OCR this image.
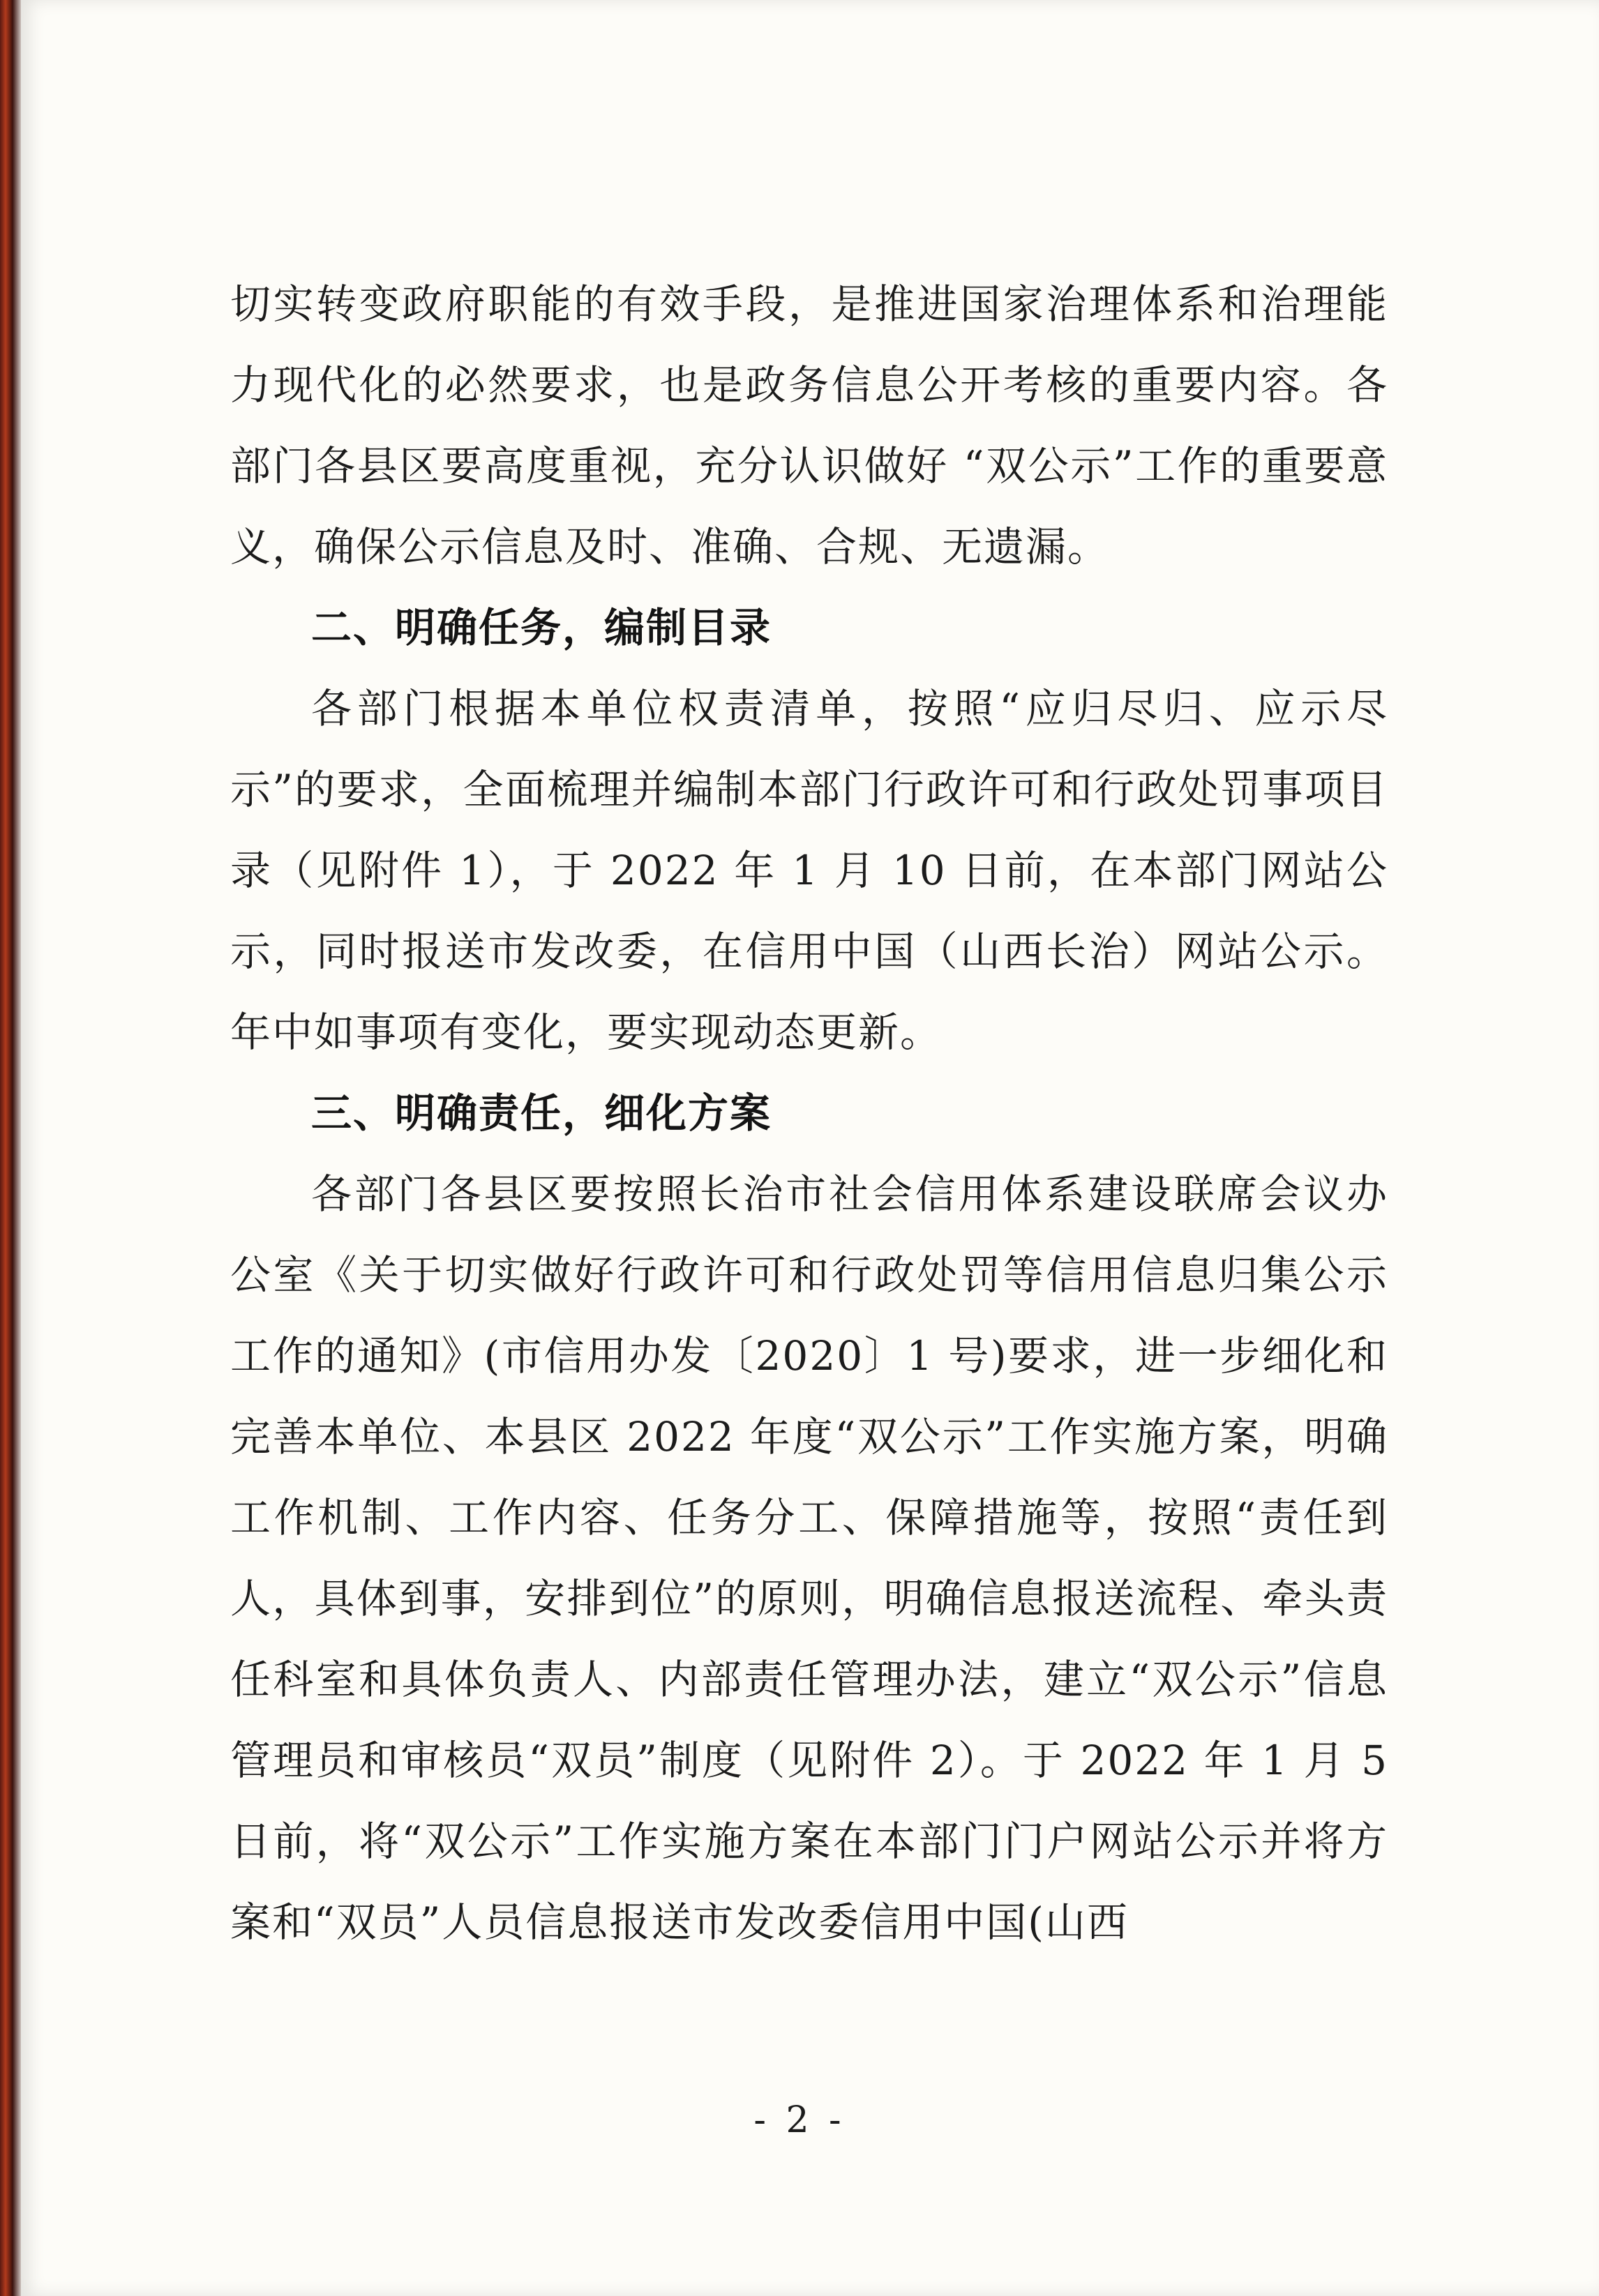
切实转变政府职能的有效手段，是推进国家治理体系和治理能力现代化的必然要求，也是政务信息公开考核的重要内容。各部门各县区要高度重视，充分认识做好 “双公示”工作的重要意义，确保公示信息及时、准确、合规、无遗漏。

二、明确任务，编制目录

各部门根据本单位权责清单，按照“应归尽归、应示尽示”的要求，全面梳理并编制本部门行政许可和行政处罚事项目录（见附件 1），于 2022 年 1 月 10 日前，在本部门网站公示，同时报送市发改委，在信用中国（山西长治）网站公示。年中如事项有变化，要实现动态更新。

三、明确责任，细化方案

各部门各县区要按照长治市社会信用体系建设联席会议办公室《关于切实做好行政许可和行政处罚等信用信息归集公示工作的通知》(市信用办发〔2020〕1 号)要求，进一步细化和完善本单位、本县区 2022 年度“双公示”工作实施方案，明确工作机制、工作内容、任务分工、保障措施等，按照“责任到人，具体到事，安排到位”的原则，明确信息报送流程、牵头责任科室和具体负责人、内部责任管理办法，建立“双公示”信息管理员和审核员“双员”制度（见附件 2）。于 2022 年 1 月 5 日前，将“双公示”工作实施方案在本部门门户网站公示并将方案和“双员”人员信息报送市发改委信用中国(山西

- 2 -
